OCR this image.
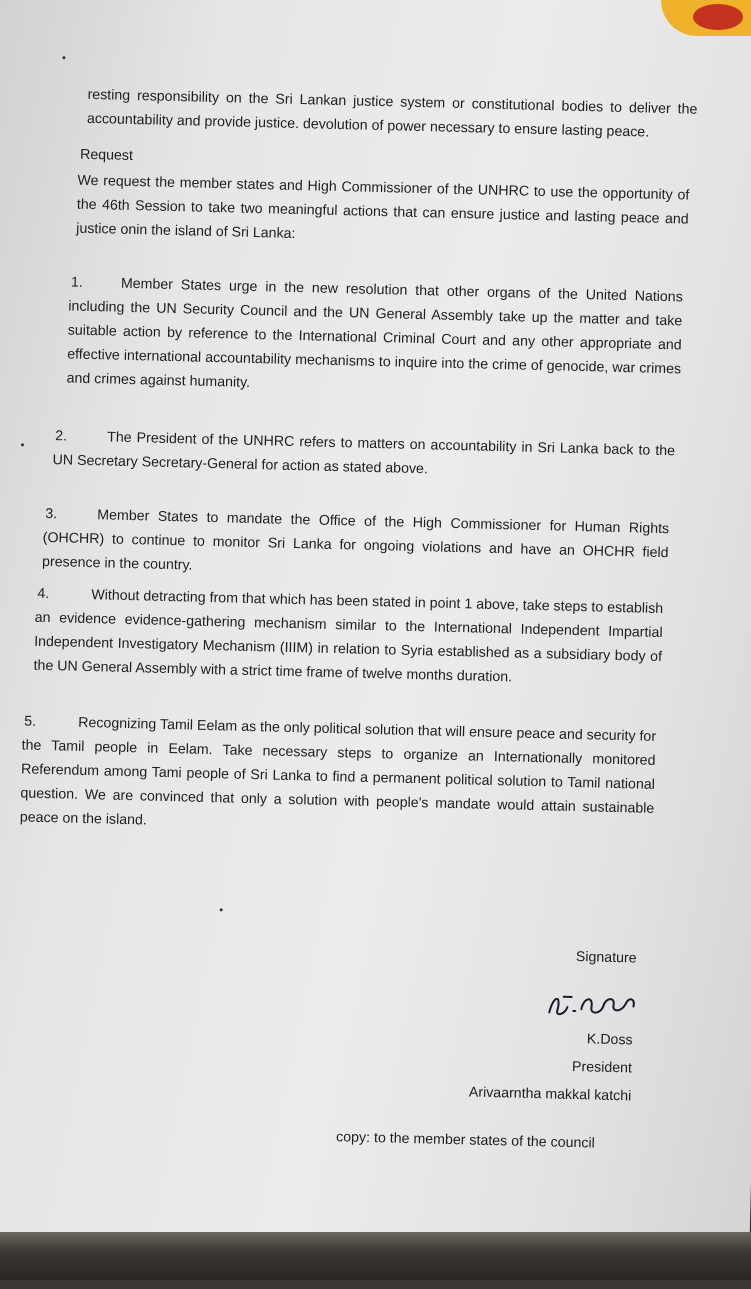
resting responsibility on the Sri Lankan justice system or constitutional bodies to deliver the accountability and provide justice. devolution of power necessary to ensure lasting peace.
Request
We request the member states and High Commissioner of the UNHRC to use the opportunity of the 46th Session to take two meaningful actions that can ensure justice and lasting peace and justice onin the island of Sri Lanka:
1.	Member States urge in the new resolution that other organs of the United Nations including the UN Security Council and the UN General Assembly take up the matter and take suitable action by reference to the International Criminal Court and any other appropriate and effective international accountability mechanisms to inquire into the crime of genocide, war crimes and crimes against humanity.
2.	The President of the UNHRC refers to matters on accountability in Sri Lanka back to the UN Secretary Secretary-General for action as stated above.
3.	Member States to mandate the Office of the High Commissioner for Human Rights (OHCHR) to continue to monitor Sri Lanka for ongoing violations and have an OHCHR field presence in the country.
4.	Without detracting from that which has been stated in point 1 above, take steps to establish an evidence evidence-gathering mechanism similar to the International Independent Impartial Independent Investigatory Mechanism (IIIM) in relation to Syria established as a subsidiary body of the UN General Assembly with a strict time frame of twelve months duration.
5.	Recognizing Tamil Eelam as the only political solution that will ensure peace and security for the Tamil people in Eelam. Take necessary steps to organize an Internationally monitored Referendum among Tami people of Sri Lanka to find a permanent political solution to Tamil national question. We are convinced that only a solution with people's mandate would attain sustainable peace on the island.
Signature
K.Doss
President
Arivaarntha makkal katchi
copy: to the member states of the council
